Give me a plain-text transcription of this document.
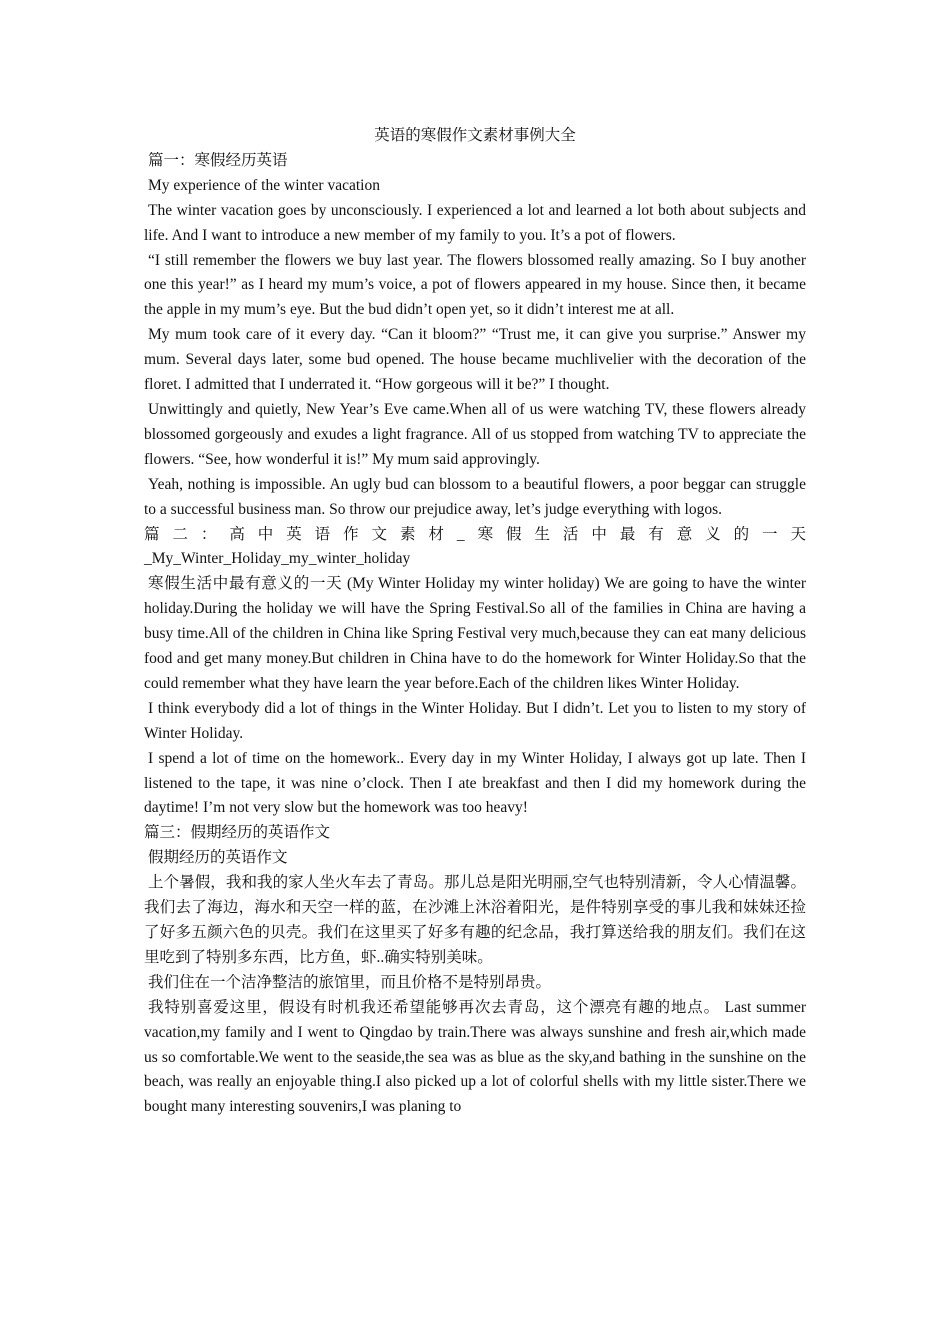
英语的寒假作文素材事例大全

篇一：寒假经历英语

My experience of the winter vacation

The winter vacation goes by unconsciously. I experienced a lot and learned a lot both about subjects and life. And I want to introduce a new member of my family to you. It’s a pot of flowers.

“I still remember the flowers we buy last year. The flowers blossomed really amazing. So I buy another one this year!” as I heard my mum’s voice, a pot of flowers appeared in my house. Since then, it became the apple in my mum’s eye. But the bud didn’t open yet, so it didn’t interest me at all.

My mum took care of it every day. “Can it bloom?” “Trust me, it can give you surprise.” Answer my mum. Several days later, some bud opened. The house became muchlivelier with the decoration of the floret. I admitted that I underrated it. “How gorgeous will it be?” I thought.

Unwittingly and quietly, New Year’s Eve came.When all of us were watching TV, these flowers already blossomed gorgeously and exudes a light fragrance. All of us stopped from watching TV to appreciate the flowers. “See, how wonderful it is!” My mum said approvingly.

Yeah, nothing is impossible. An ugly bud can blossom to a beautiful flowers, a poor beggar can struggle to a successful business man. So throw our prejudice away, let’s judge everything with logos.

篇二：高中英语作文素材_寒假生活中最有意义的一天

_My_Winter_Holiday_my_winter_holiday

寒假生活中最有意义的一天 (My Winter Holiday my winter holiday) We are going to have the winter holiday.During the holiday we will have the Spring Festival.So all of the families in China are having a busy time.All of the children in China like Spring Festival very much,because they can eat many delicious food and get many money.But children in China have to do the homework for Winter Holiday.So that the could remember what they have learn the year before.Each of the children likes Winter Holiday.

I think everybody did a lot of things in the Winter Holiday. But I didn’t. Let you to listen to my story of Winter Holiday.

I spend a lot of time on the homework.. Every day in my Winter Holiday, I always got up late. Then I listened to the tape, it was nine o’clock. Then I ate breakfast and then I did my homework during the daytime! I’m not very slow but the homework was too heavy!

篇三：假期经历的英语作文

假期经历的英语作文

上个暑假，我和我的家人坐火车去了青岛。那儿总是阳光明丽,空气也特别清新，令人心情温馨。我们去了海边，海水和天空一样的蓝，在沙滩上沐浴着阳光，是件特别享受的事儿我和妹妹还捡了好多五颜六色的贝壳。我们在这里买了好多有趣的纪念品，我打算送给我的朋友们。我们在这里吃到了特别多东西，比方鱼，虾..确实特别美味。

我们住在一个洁净整洁的旅馆里，而且价格不是特别昂贵。

我特别喜爱这里，假设有时机我还希望能够再次去青岛，这个漂亮有趣的地点。 Last summer vacation,my family and I went to Qingdao by train.There was always sunshine and fresh air,which made us so comfortable.We went to the seaside,the sea was as blue as the sky,and bathing in the sunshine on the beach, was really an enjoyable thing.I also picked up a lot of colorful shells with my little sister.There we bought many interesting souvenirs,I was planing to
